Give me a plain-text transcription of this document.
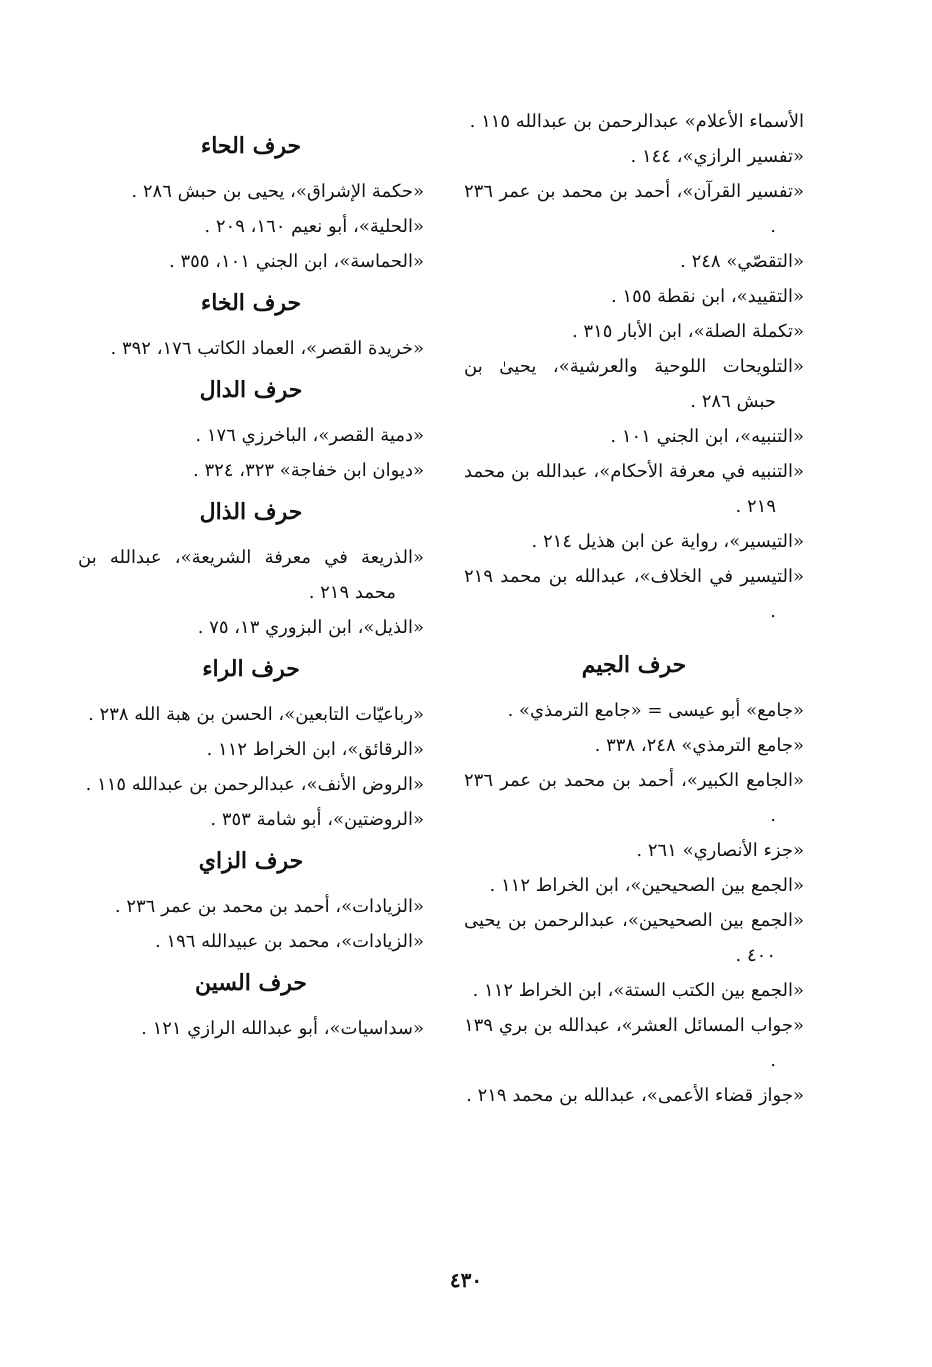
الأسماء الأعلام» عبدالرحمن بن عبدالله ١١٥ .

«تفسير الرازي»، ١٤٤ .

«تفسير القرآن»، أحمد بن محمد بن عمر ٢٣٦ .

«التقصّي» ٢٤٨ .

«التقييد»، ابن نقطة ١٥٥ .

«تكملة الصلة»، ابن الأبار ٣١٥ .

«التلويحات اللوحية والعرشية»، يحيىٰ بن حبش ٢٨٦ .

«التنبيه»، ابن الجني ١٠١ .

«التنبيه في معرفة الأحكام»، عبدالله بن محمد ٢١٩ .

«التيسير»، رواية عن ابن هذيل ٢١٤ .

«التيسير في الخلاف»، عبدالله بن محمد ٢١٩ .

حرف الجيم

«جامع» أبو عيسى = «جامع الترمذي» .

«جامع الترمذي» ٢٤٨، ٣٣٨ .

«الجامع الكبير»، أحمد بن محمد بن عمر ٢٣٦ .

«جزء الأنصاري» ٢٦١ .

«الجمع بين الصحيحين»، ابن الخراط ١١٢ .

«الجمع بين الصحيحين»، عبدالرحمن بن يحيى ٤٠٠ .

«الجمع بين الكتب الستة»، ابن الخراط ١١٢ .

«جواب المسائل العشر»، عبدالله بن بري ١٣٩ .

«جواز قضاء الأعمى»، عبدالله بن محمد ٢١٩ .

حرف الحاء

«حكمة الإشراق»، يحيى بن حبش ٢٨٦ .

«الحلية»، أبو نعيم ١٦٠، ٢٠٩ .

«الحماسة»، ابن الجني ١٠١، ٣٥٥ .

حرف الخاء

«خريدة القصر»، العماد الكاتب ١٧٦، ٣٩٢ .

حرف الدال

«دمية القصر»، الباخرزي ١٧٦ .

«ديوان ابن خفاجة» ٣٢٣، ٣٢٤ .

حرف الذال

«الذريعة في معرفة الشريعة»، عبدالله بن محمد ٢١٩ .

«الذيل»، ابن البزوري ١٣، ٧٥ .

حرف الراء

«رباعيّات التابعين»، الحسن بن هبة الله ٢٣٨ .

«الرقائق»، ابن الخراط ١١٢ .

«الروض الأنف»، عبدالرحمن بن عبدالله ١١٥ .

«الروضتين»، أبو شامة ٣٥٣ .

حرف الزاي

«الزيادات»، أحمد بن محمد بن عمر ٢٣٦ .

«الزيادات»، محمد بن عبيدالله ١٩٦ .

حرف السين

«سداسيات»، أبو عبدالله الرازي ١٢١ .

٤٣٠
